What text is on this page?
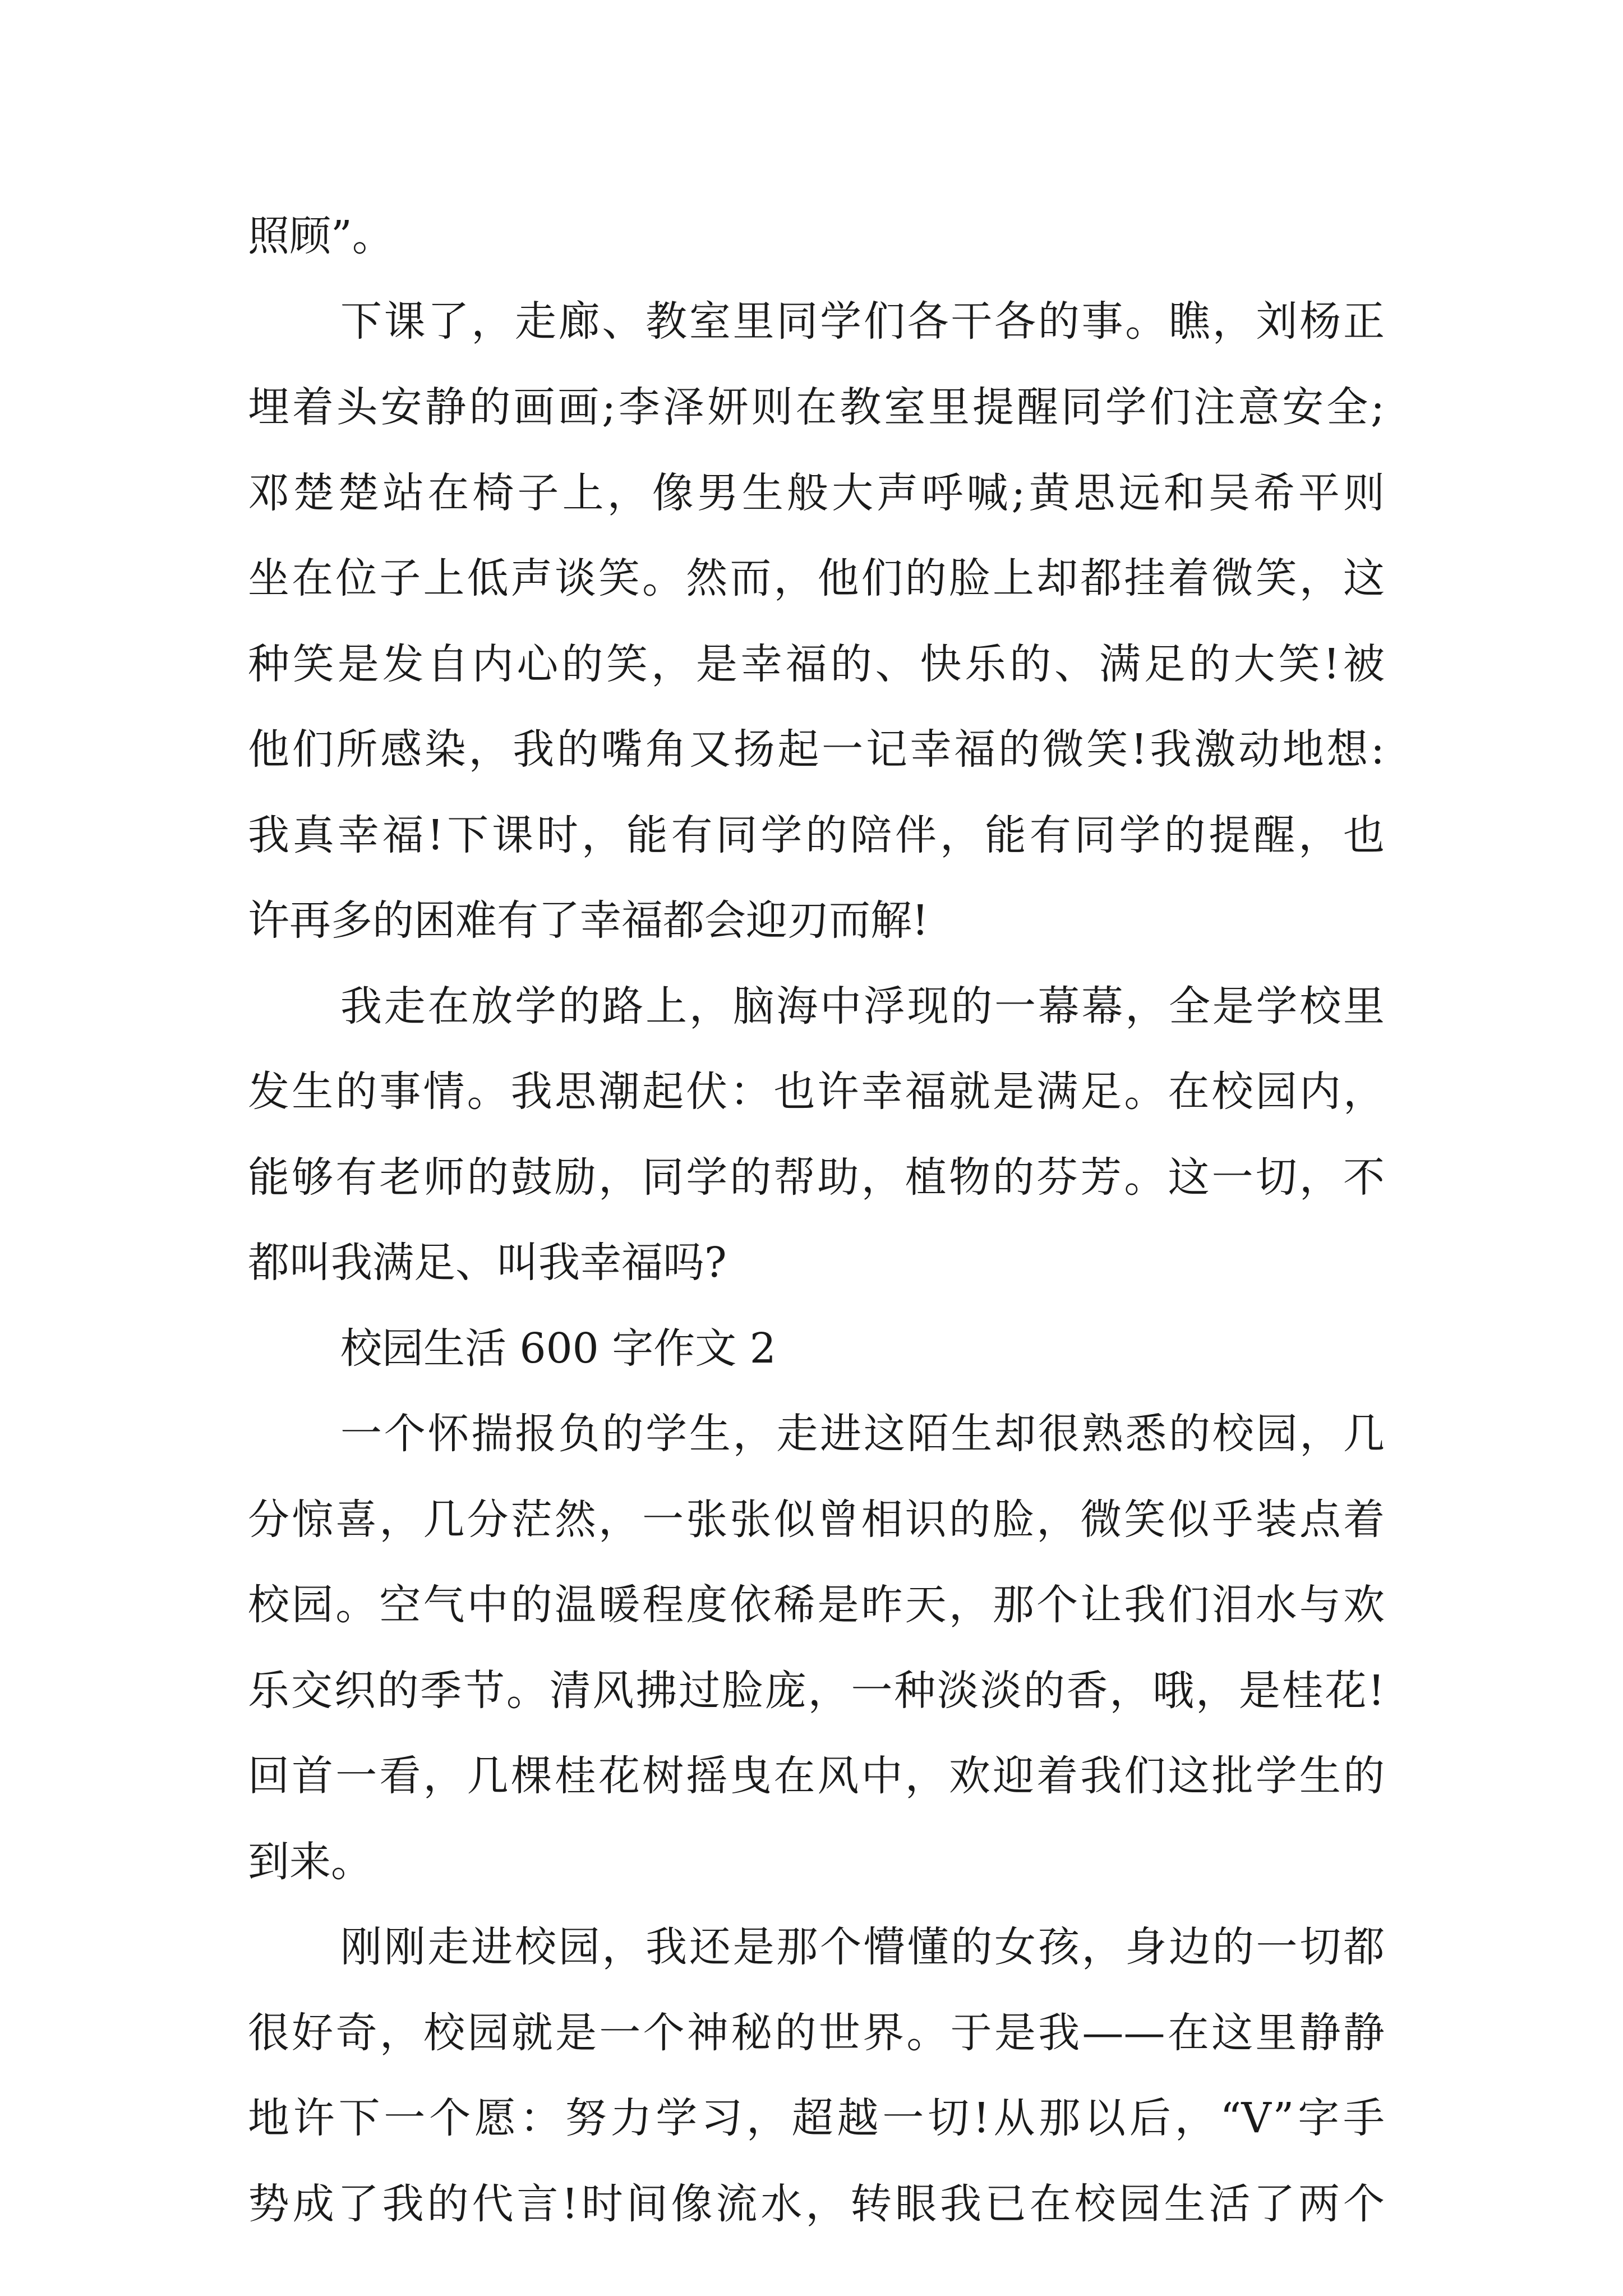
照顾”。
下课了，走廊、教室里同学们各干各的事。瞧，刘杨正
埋着头安静的画画;李泽妍则在教室里提醒同学们注意安全;
邓楚楚站在椅子上，像男生般大声呼喊;黄思远和吴希平则
坐在位子上低声谈笑。然而，他们的脸上却都挂着微笑，这
种笑是发自内心的笑，是幸福的、快乐的、满足的大笑!被
他们所感染，我的嘴角又扬起一记幸福的微笑!我激动地想:
我真幸福!下课时，能有同学的陪伴，能有同学的提醒，也
许再多的困难有了幸福都会迎刃而解!
我走在放学的路上，脑海中浮现的一幕幕，全是学校里
发生的事情。我思潮起伏：也许幸福就是满足。在校园内，
能够有老师的鼓励，同学的帮助，植物的芬芳。这一切，不
都叫我满足、叫我幸福吗?
校园生活 600 字作文 2
一个怀揣报负的学生，走进这陌生却很熟悉的校园，几
分惊喜，几分茫然，一张张似曾相识的脸，微笑似乎装点着
校园。空气中的温暖程度依稀是昨天，那个让我们泪水与欢
乐交织的季节。清风拂过脸庞，一种淡淡的香，哦，是桂花!
回首一看，几棵桂花树摇曳在风中，欢迎着我们这批学生的
到来。
刚刚走进校园，我还是那个懵懂的女孩，身边的一切都
很好奇，校园就是一个神秘的世界。于是我——在这里静静
地许下一个愿：努力学习，超越一切!从那以后，“V”字手
势成了我的代言!时间像流水，转眼我已在校园生活了两个
